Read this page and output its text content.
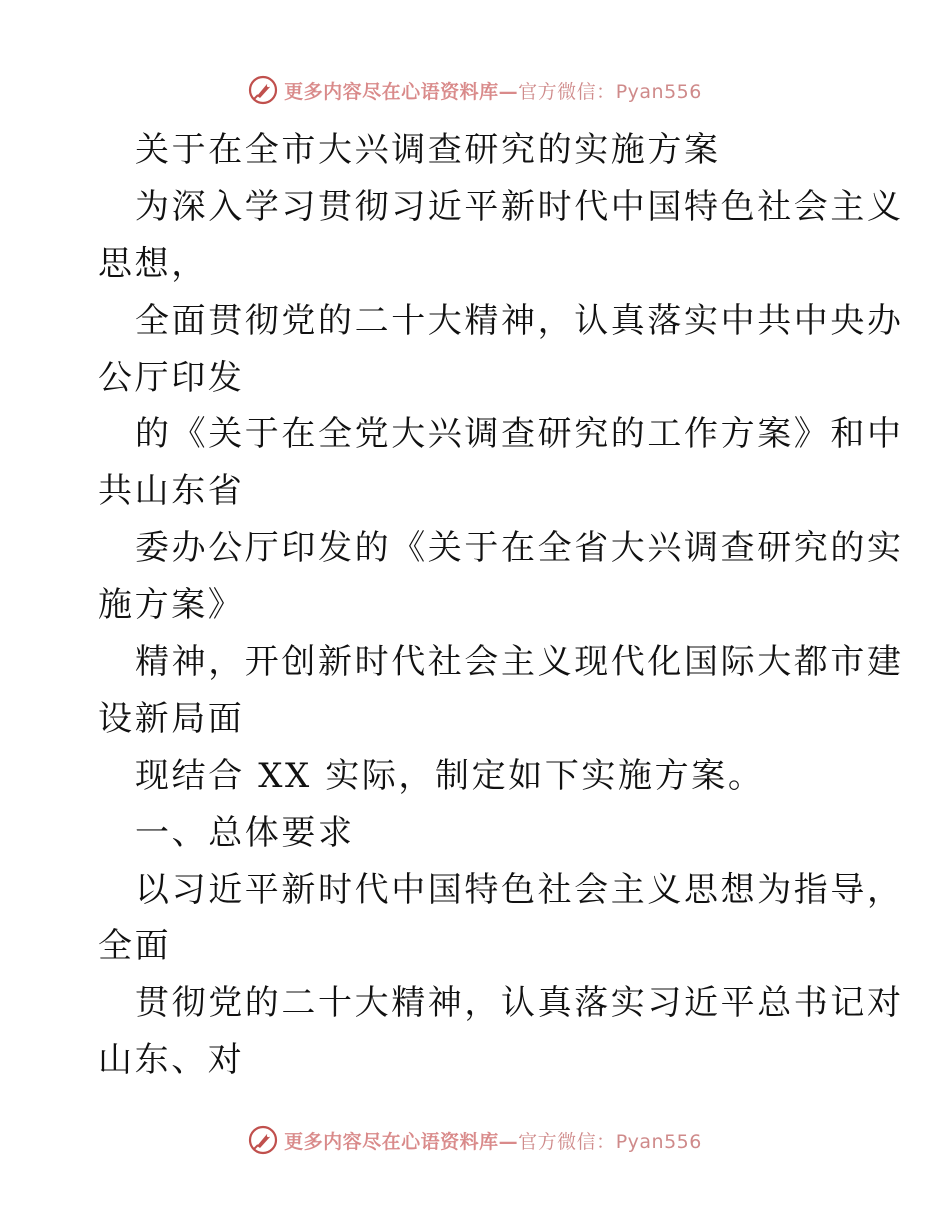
更多内容尽在心语资料库—官方微信：Pyan556
关于在全市大兴调查研究的实施方案
为深入学习贯彻习近平新时代中国特色社会主义
思想，
全面贯彻党的二十大精神，认真落实中共中央办
公厅印发
的《关于在全党大兴调查研究的工作方案》和中
共山东省
委办公厅印发的《关于在全省大兴调查研究的实
施方案》
精神，开创新时代社会主义现代化国际大都市建
设新局面
现结合 XX 实际，制定如下实施方案。
一、总体要求
以习近平新时代中国特色社会主义思想为指导，
全面
贯彻党的二十大精神，认真落实习近平总书记对
山东、对
更多内容尽在心语资料库—官方微信：Pyan556
